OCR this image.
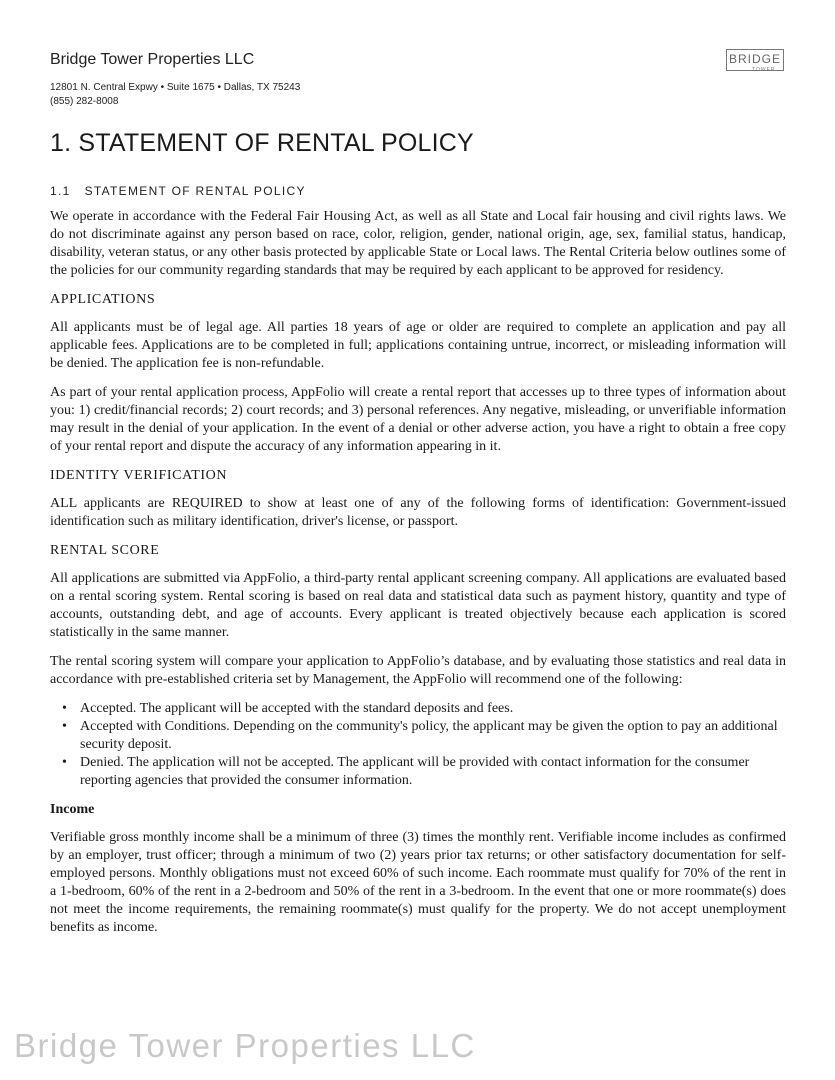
Bridge Tower Properties LLC
12801 N. Central Expwy • Suite 1675 • Dallas, TX 75243
(855) 282-8008
BRIDGE
TOWER
1. STATEMENT OF RENTAL POLICY
1.1 STATEMENT OF RENTAL POLICY

We operate in accordance with the Federal Fair Housing Act, as well as all State and Local fair housing and civil rights laws. We do not discriminate against any person based on race, color, religion, gender, national origin, age, sex, familial status, handicap, disability, veteran status, or any other basis protected by applicable State or Local laws. The Rental Criteria below outlines some of the policies for our community regarding standards that may be required by each applicant to be approved for residency.

APPLICATIONS

All applicants must be of legal age. All parties 18 years of age or older are required to complete an application and pay all applicable fees. Applications are to be completed in full; applications containing untrue, incorrect, or misleading information will be denied. The application fee is non-refundable.

As part of your rental application process, AppFolio will create a rental report that accesses up to three types of information about you: 1) credit/financial records; 2) court records; and 3) personal references. Any negative, misleading, or unverifiable information may result in the denial of your application. In the event of a denial or other adverse action, you have a right to obtain a free copy of your rental report and dispute the accuracy of any information appearing in it.

IDENTITY VERIFICATION

ALL applicants are REQUIRED to show at least one of any of the following forms of identification: Government-issued identification such as military identification, driver's license, or passport.

RENTAL SCORE

All applications are submitted via AppFolio, a third-party rental applicant screening company. All applications are evaluated based on a rental scoring system. Rental scoring is based on real data and statistical data such as payment history, quantity and type of accounts, outstanding debt, and age of accounts. Every applicant is treated objectively because each application is scored statistically in the same manner.

The rental scoring system will compare your application to AppFolio’s database, and by evaluating those statistics and real data in accordance with pre-established criteria set by Management, the AppFolio will recommend one of the following:

• Accepted. The applicant will be accepted with the standard deposits and fees.
• Accepted with Conditions. Depending on the community's policy, the applicant may be given the option to pay an additional security deposit.
• Denied. The application will not be accepted. The applicant will be provided with contact information for the consumer reporting agencies that provided the consumer information.
Income

Verifiable gross monthly income shall be a minimum of three (3) times the monthly rent. Verifiable income includes as confirmed by an employer, trust officer; through a minimum of two (2) years prior tax returns; or other satisfactory documentation for self-employed persons. Monthly obligations must not exceed 60% of such income. Each roommate must qualify for 70% of the rent in a 1-bedroom, 60% of the rent in a 2-bedroom and 50% of the rent in a 3-bedroom. In the event that one or more roommate(s) does not meet the income requirements, the remaining roommate(s) must qualify for the property. We do not accept unemployment benefits as income.

Bridge Tower Properties LLC
